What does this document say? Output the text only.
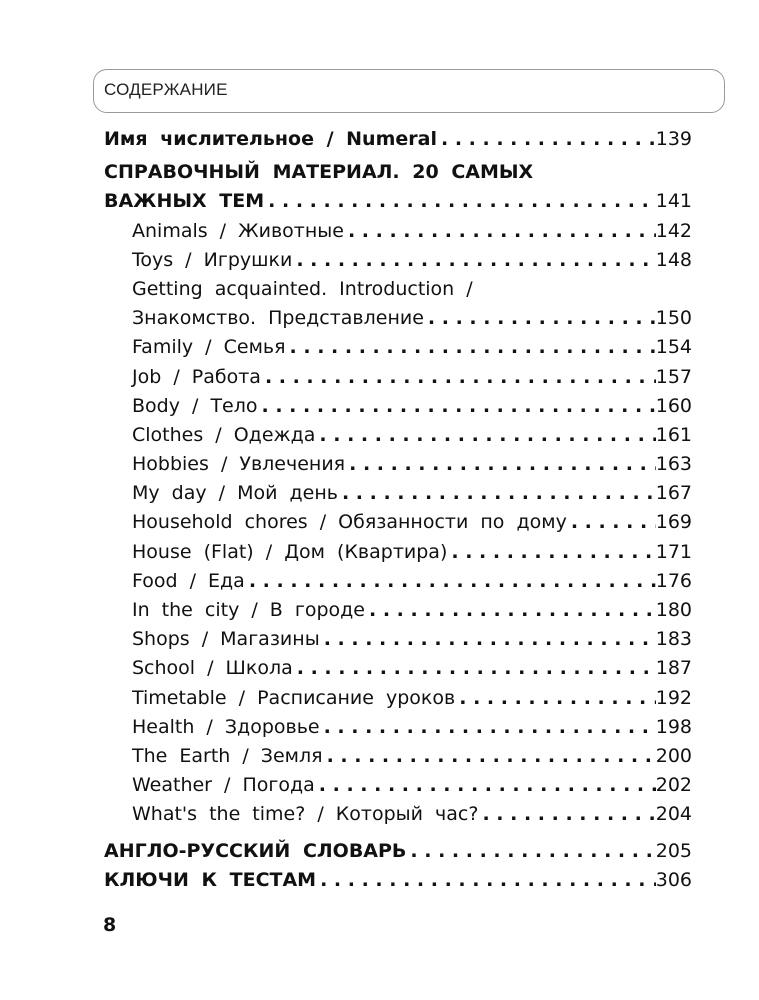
СОДЕРЖАНИЕ
Имя числительное / Numeral . . .	139
СПРАВОЧНЫЙ МАТЕРИАЛ. 20 САМЫХ
ВАЖНЫХ ТЕМ . . .	141
Animals / Животные . . .	142
Toys / Игрушки . . .	148
Getting acquainted. Introduction /
Знакомство. Представление . . .	150
Family / Семья . . .	154
Job / Работа . . .	157
Body / Тело . . .	160
Clothes / Одежда . . .	161
Hobbies / Увлечения . . .	163
My day / Мой день . . .	167
Household chores / Обязанности по дому . . .	169
House (Flat) / Дом (Квартира) . . .	171
Food / Еда . . .	176
In the city / В городе . . .	180
Shops / Магазины . . .	183
School / Школа . . .	187
Timetable / Расписание уроков . . .	192
Health / Здоровье . . .	198
The Earth / Земля . . .	200
Weather / Погода . . .	202
What's the time? / Который час? . . .	204
АНГЛО-РУССКИЙ СЛОВАРЬ . . .	205
КЛЮЧИ К ТЕСТАМ . . .	306
8
